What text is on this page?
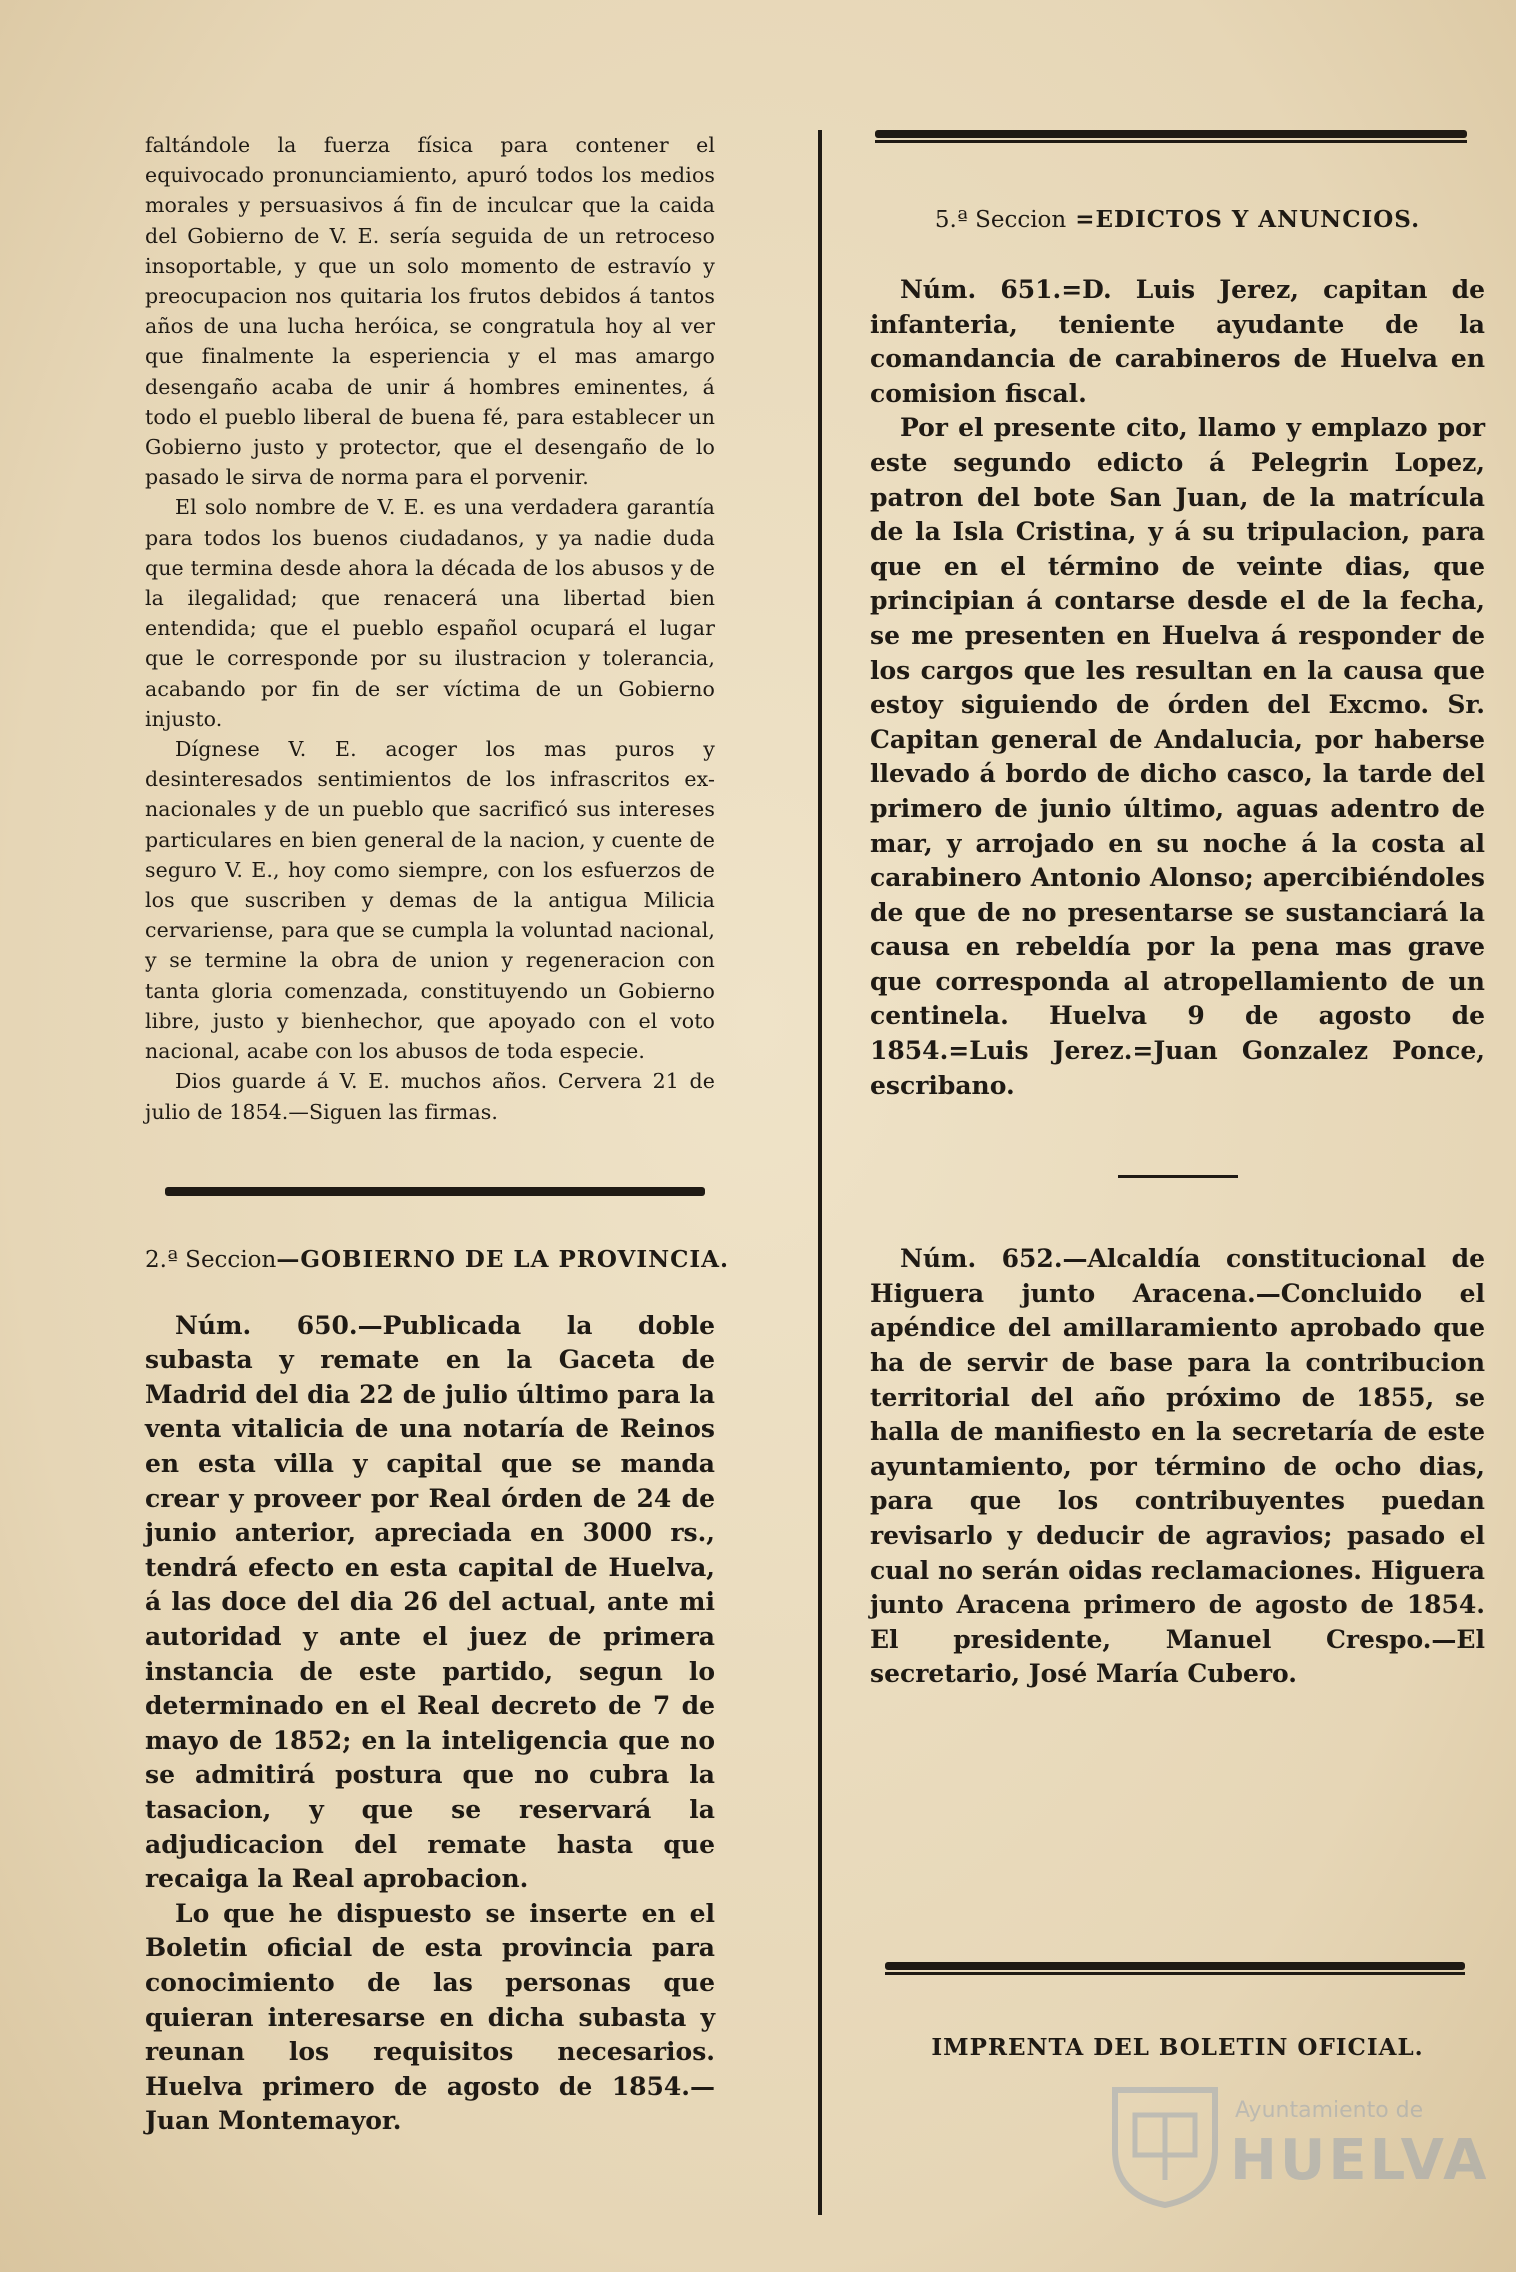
faltándole la fuerza física para contener el equivocado pronunciamiento, apuró todos los medios morales y persuasivos á fin de inculcar que la caida del Gobierno de V. E. sería seguida de un retroceso insoportable, y que un solo momento de estravío y preocupacion nos quitaria los frutos debidos á tantos años de una lucha heróica, se congratula hoy al ver que finalmente la esperiencia y el mas amargo desengaño acaba de unir á hombres eminentes, á todo el pueblo liberal de buena fé, para establecer un Gobierno justo y protector, que el desengaño de lo pasado le sirva de norma para el porvenir.

El solo nombre de V. E. es una verdadera garantía para todos los buenos ciudadanos, y ya nadie duda que termina desde ahora la década de los abusos y de la ilegalidad; que renacerá una libertad bien entendida; que el pueblo español ocupará el lugar que le corresponde por su ilustracion y tolerancia, acabando por fin de ser víctima de un Gobierno injusto.

Dígnese V. E. acoger los mas puros y desinteresados sentimientos de los infrascritos ex-nacionales y de un pueblo que sacrificó sus intereses particulares en bien general de la nacion, y cuente de seguro V. E., hoy como siempre, con los esfuerzos de los que suscriben y demas de la antigua Milicia cervariense, para que se cumpla la voluntad nacional, y se termine la obra de union y regeneracion con tanta gloria comenzada, constituyendo un Gobierno libre, justo y bienhechor, que apoyado con el voto nacional, acabe con los abusos de toda especie.

Dios guarde á V. E. muchos años. Cervera 21 de julio de 1854.—Siguen las firmas.

2.ª Seccion—GOBIERNO DE LA PROVINCIA.

Núm. 650.—Publicada la doble subasta y remate en la Gaceta de Madrid del dia 22 de julio último para la venta vitalicia de una notaría de Reinos en esta villa y capital que se manda crear y proveer por Real órden de 24 de junio anterior, apreciada en 3000 rs., tendrá efecto en esta capital de Huelva, á las doce del dia 26 del actual, ante mi autoridad y ante el juez de primera instancia de este partido, segun lo determinado en el Real decreto de 7 de mayo de 1852; en la inteligencia que no se admitirá postura que no cubra la tasacion, y que se reservará la adjudicacion del remate hasta que recaiga la Real aprobacion.

Lo que he dispuesto se inserte en el Boletin oficial de esta provincia para conocimiento de las personas que quieran interesarse en dicha subasta y reunan los requisitos necesarios. Huelva primero de agosto de 1854.—Juan Montemayor.

5.ª Seccion =EDICTOS Y ANUNCIOS.

Núm. 651.=D. Luis Jerez, capitan de infanteria, teniente ayudante de la comandancia de carabineros de Huelva en comision fiscal.

Por el presente cito, llamo y emplazo por este segundo edicto á Pelegrin Lopez, patron del bote San Juan, de la matrícula de la Isla Cristina, y á su tripulacion, para que en el término de veinte dias, que principian á contarse desde el de la fecha, se me presenten en Huelva á responder de los cargos que les resultan en la causa que estoy siguiendo de órden del Excmo. Sr. Capitan general de Andalucia, por haberse llevado á bordo de dicho casco, la tarde del primero de junio último, aguas adentro de mar, y arrojado en su noche á la costa al carabinero Antonio Alonso; apercibiéndoles de que de no presentarse se sustanciará la causa en rebeldía por la pena mas grave que corresponda al atropellamiento de un centinela. Huelva 9 de agosto de 1854.=Luis Jerez.=Juan Gonzalez Ponce, escribano.

Núm. 652.—Alcaldía constitucional de Higuera junto Aracena.—Concluido el apéndice del amillaramiento aprobado que ha de servir de base para la contribucion territorial del año próximo de 1855, se halla de manifiesto en la secretaría de este ayuntamiento, por término de ocho dias, para que los contribuyentes puedan revisarlo y deducir de agravios; pasado el cual no serán oidas reclamaciones. Higuera junto Aracena primero de agosto de 1854. El presidente, Manuel Crespo.—El secretario, José María Cubero.

IMPRENTA DEL BOLETIN OFICIAL.
Ayuntamiento de
HUELVA
